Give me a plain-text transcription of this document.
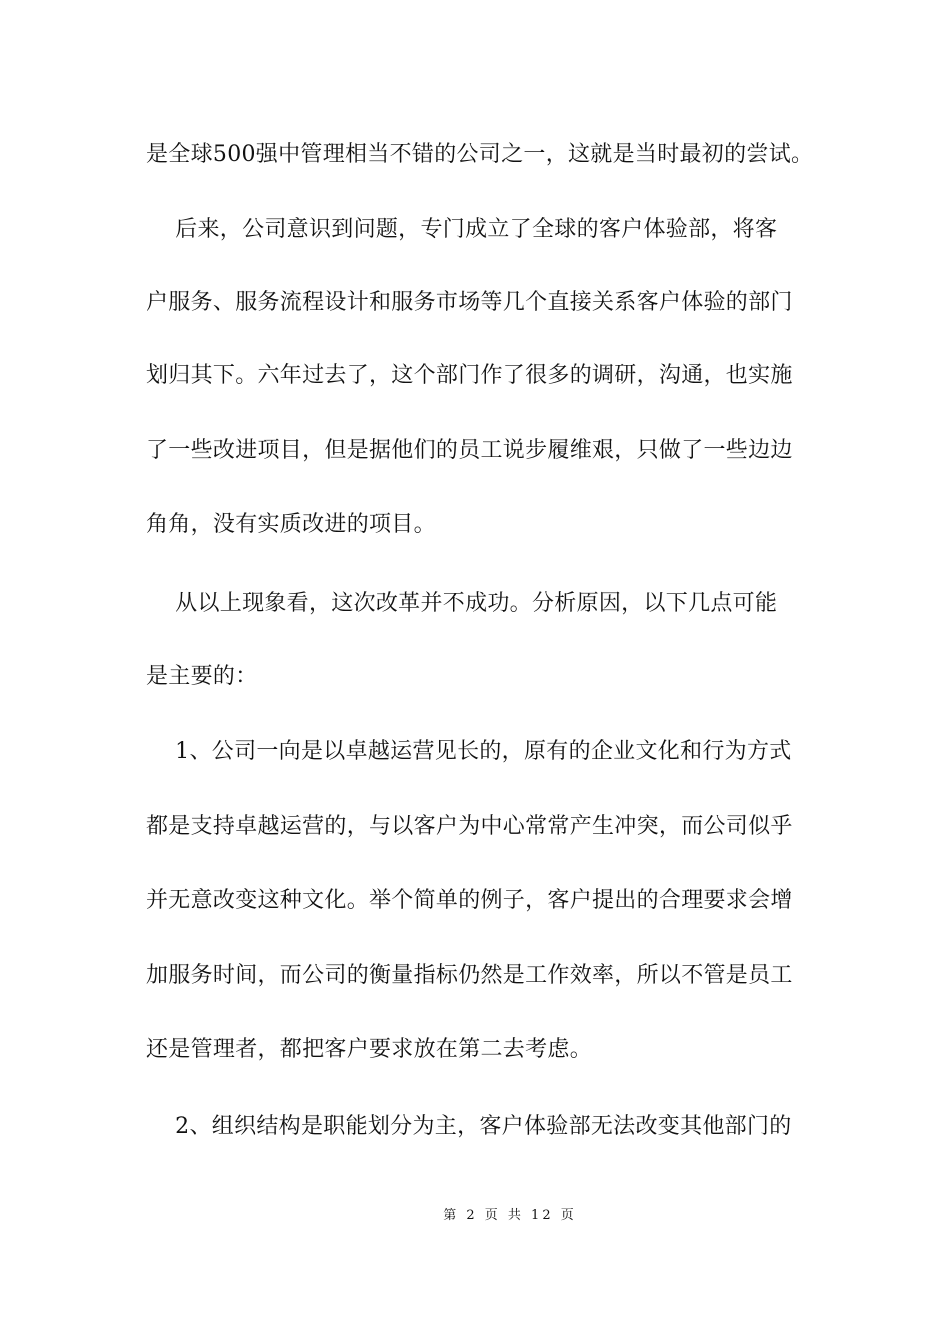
是全球500强中管理相当不错的公司之一，这就是当时最初的尝试。
后来，公司意识到问题，专门成立了全球的客户体验部，将客
户服务、服务流程设计和服务市场等几个直接关系客户体验的部门
划归其下。六年过去了，这个部门作了很多的调研，沟通，也实施
了一些改进项目，但是据他们的员工说步履维艰，只做了一些边边
角角，没有实质改进的项目。
从以上现象看，这次改革并不成功。分析原因，以下几点可能
是主要的：
1、公司一向是以卓越运营见长的，原有的企业文化和行为方式
都是支持卓越运营的，与以客户为中心常常产生冲突，而公司似乎
并无意改变这种文化。举个简单的例子，客户提出的合理要求会增
加服务时间，而公司的衡量指标仍然是工作效率，所以不管是员工
还是管理者，都把客户要求放在第二去考虑。
2、组织结构是职能划分为主，客户体验部无法改变其他部门的
第 2 页 共 12 页
